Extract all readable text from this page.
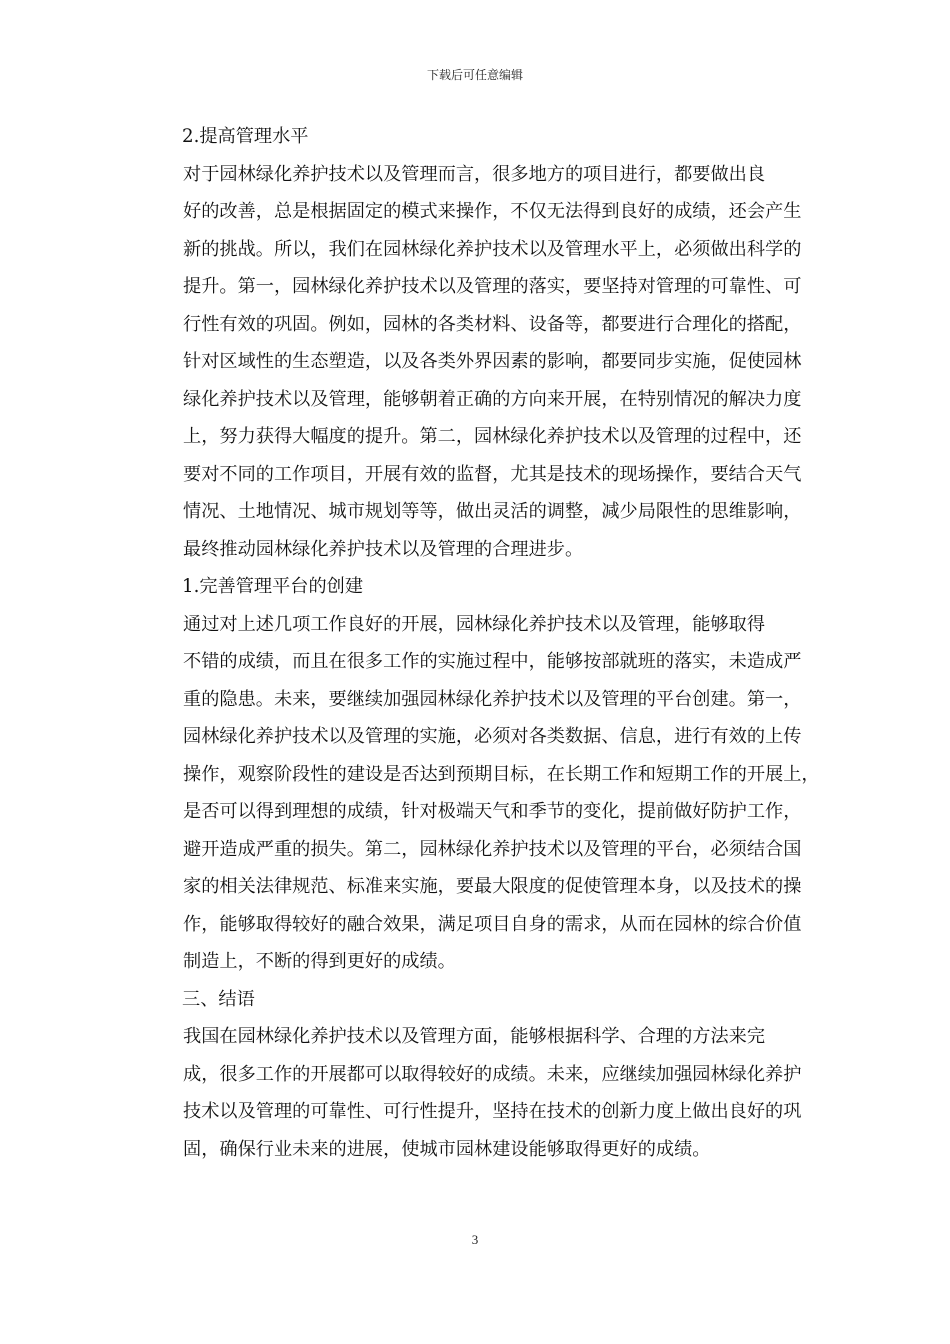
下载后可任意编辑
2.提高管理水平
对于园林绿化养护技术以及管理而言，很多地方的项目进行，都要做出良
好的改善，总是根据固定的模式来操作，不仅无法得到良好的成绩，还会产生
新的挑战。所以，我们在园林绿化养护技术以及管理水平上，必须做出科学的
提升。第一，园林绿化养护技术以及管理的落实，要坚持对管理的可靠性、可
行性有效的巩固。例如，园林的各类材料、设备等，都要进行合理化的搭配，
针对区域性的生态塑造，以及各类外界因素的影响，都要同步实施，促使园林
绿化养护技术以及管理，能够朝着正确的方向来开展，在特别情况的解决力度
上，努力获得大幅度的提升。第二，园林绿化养护技术以及管理的过程中，还
要对不同的工作项目，开展有效的监督，尤其是技术的现场操作，要结合天气
情况、土地情况、城市规划等等，做出灵活的调整，减少局限性的思维影响，
最终推动园林绿化养护技术以及管理的合理进步。
1.完善管理平台的创建
通过对上述几项工作良好的开展，园林绿化养护技术以及管理，能够取得
不错的成绩，而且在很多工作的实施过程中，能够按部就班的落实，未造成严
重的隐患。未来，要继续加强园林绿化养护技术以及管理的平台创建。第一，
园林绿化养护技术以及管理的实施，必须对各类数据、信息，进行有效的上传
操作，观察阶段性的建设是否达到预期目标，在长期工作和短期工作的开展上，
是否可以得到理想的成绩，针对极端天气和季节的变化，提前做好防护工作，
避开造成严重的损失。第二，园林绿化养护技术以及管理的平台，必须结合国
家的相关法律规范、标准来实施，要最大限度的促使管理本身，以及技术的操
作，能够取得较好的融合效果，满足项目自身的需求，从而在园林的综合价值
制造上，不断的得到更好的成绩。
三、结语
我国在园林绿化养护技术以及管理方面，能够根据科学、合理的方法来完
成，很多工作的开展都可以取得较好的成绩。未来，应继续加强园林绿化养护
技术以及管理的可靠性、可行性提升，坚持在技术的创新力度上做出良好的巩
固，确保行业未来的进展，使城市园林建设能够取得更好的成绩。
3
